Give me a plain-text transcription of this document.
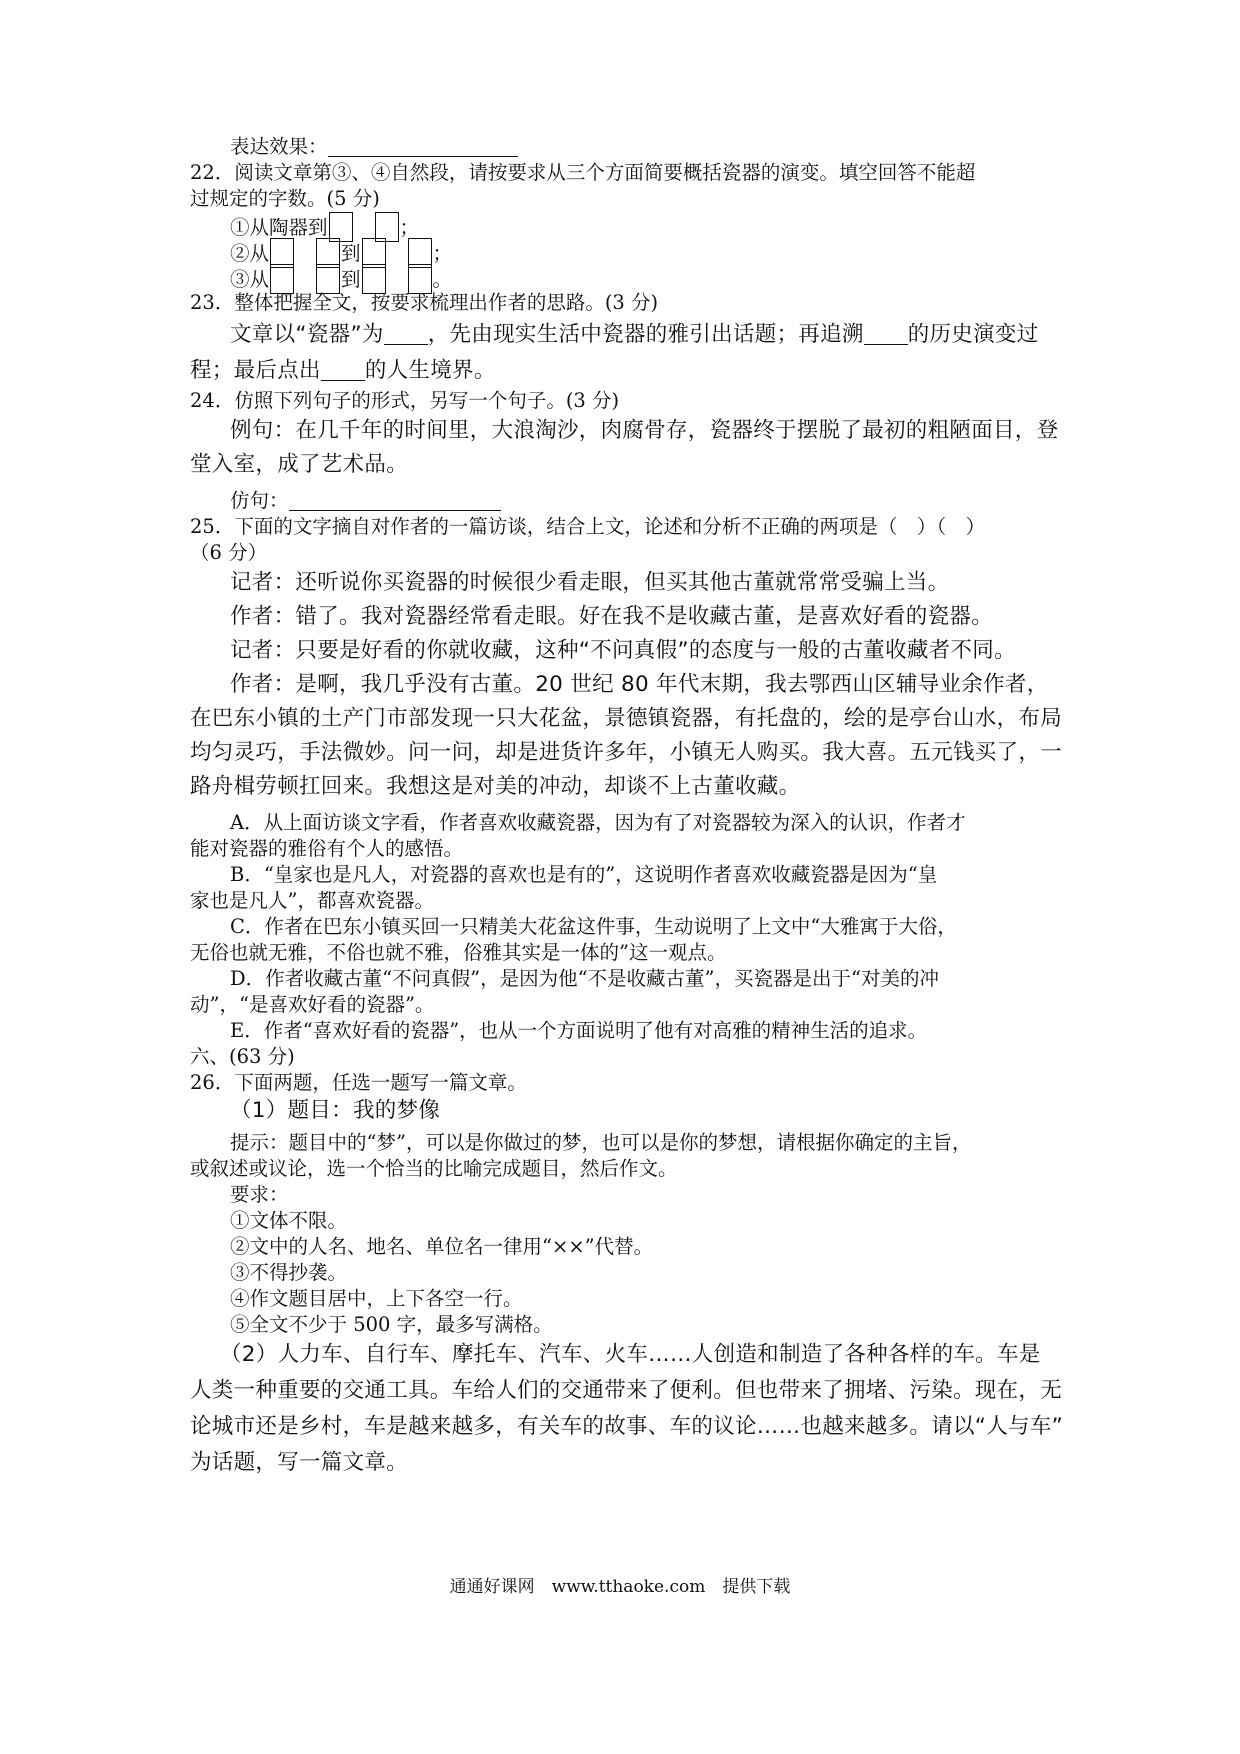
表达效果：
22．阅读文章第③、④自然段，请按要求从三个方面简要概括瓷器的演变。填空回答不能超
过规定的字数。(5 分)
①从陶器到	；
②从	到	；
③从	到	。
23．整体把握全文，按要求梳理出作者的思路。(3 分)
文章以“瓷器”为 ，先由现实生活中瓷器的雅引出话题；再追溯 的历史演变过
程；最后点出 的人生境界。
24．仿照下列句子的形式，另写一个句子。(3 分)
例句：在几千年的时间里，大浪淘沙，肉腐骨存，瓷器终于摆脱了最初的粗陋面目，登
堂入室，成了艺术品。
仿句：
25．下面的文字摘自对作者的一篇访谈，结合上文，论述和分析不正确的两项是（　）（　）
（6 分）
记者：还听说你买瓷器的时候很少看走眼，但买其他古董就常常受骗上当。
作者：错了。我对瓷器经常看走眼。好在我不是收藏古董，是喜欢好看的瓷器。
记者：只要是好看的你就收藏，这种“不问真假”的态度与一般的古董收藏者不同。
作者：是啊，我几乎没有古董。20 世纪 80 年代末期，我去鄂西山区辅导业余作者，
在巴东小镇的土产门市部发现一只大花盆，景德镇瓷器，有托盘的，绘的是亭台山水，布局
均匀灵巧，手法微妙。问一问，却是进货许多年，小镇无人购买。我大喜。五元钱买了，一
路舟楫劳顿扛回来。我想这是对美的冲动，却谈不上古董收藏。
A．从上面访谈文字看，作者喜欢收藏瓷器，因为有了对瓷器较为深入的认识，作者才
能对瓷器的雅俗有个人的感悟。
B．“皇家也是凡人，对瓷器的喜欢也是有的”，这说明作者喜欢收藏瓷器是因为“皇
家也是凡人”，都喜欢瓷器。
C．作者在巴东小镇买回一只精美大花盆这件事，生动说明了上文中“大雅寓于大俗，
无俗也就无雅，不俗也就不雅，俗雅其实是一体的”这一观点。
D．作者收藏古董“不问真假”，是因为他“不是收藏古董”，买瓷器是出于“对美的冲
动”，“是喜欢好看的瓷器”。
E．作者“喜欢好看的瓷器”，也从一个方面说明了他有对高雅的精神生活的追求。
六、(63 分)
26．下面两题，任选一题写一篇文章。
（1）题目：我的梦像
提示：题目中的“梦”，可以是你做过的梦，也可以是你的梦想，请根据你确定的主旨，
或叙述或议论，选一个恰当的比喻完成题目，然后作文。
要求：
①文体不限。
②文中的人名、地名、单位名一律用“××”代替。
③不得抄袭。
④作文题目居中，上下各空一行。
⑤全文不少于 500 字，最多写满格。
（2）人力车、自行车、摩托车、汽车、火车……人创造和制造了各种各样的车。车是
人类一种重要的交通工具。车给人们的交通带来了便利。但也带来了拥堵、污染。现在，无
论城市还是乡村，车是越来越多，有关车的故事、车的议论……也越来越多。请以“人与车”
为话题，写一篇文章。
通通好课网　www.tthaoke.com　提供下载
